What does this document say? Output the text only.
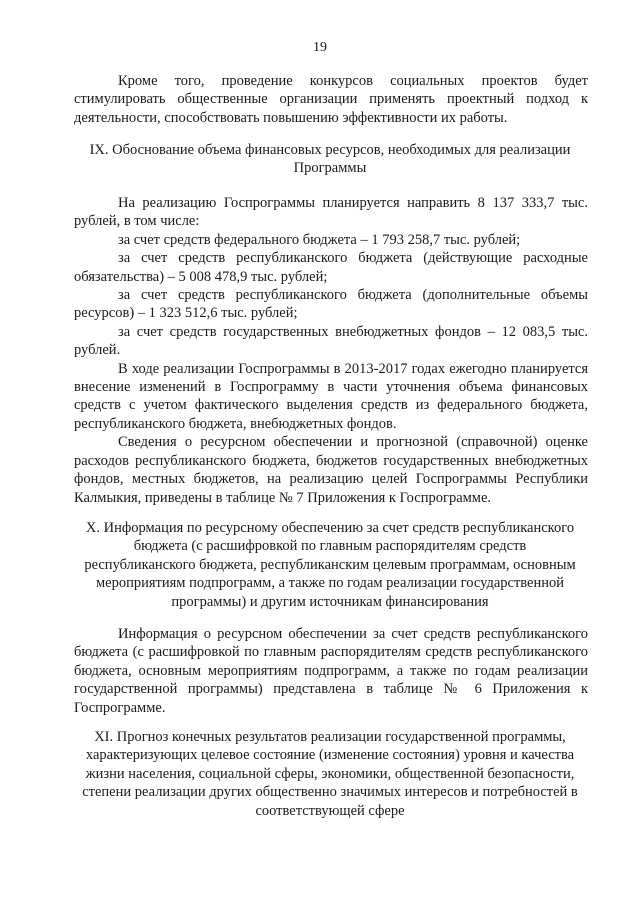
19

Кроме того, проведение конкурсов социальных проектов будет стимулировать общественные организации применять проектный подход к деятельности, способствовать повышению эффективности их работы.

IX. Обоснование объема финансовых ресурсов, необходимых для реализации
Программы

На реализацию Госпрограммы планируется направить 8 137 333,7 тыс. рублей, в том числе:

за счет средств федерального бюджета – 1 793 258,7 тыс. рублей;

за счет средств республиканского бюджета (действующие расходные обязательства) – 5 008 478,9 тыс. рублей;

за счет средств республиканского бюджета (дополнительные объемы ресурсов) – 1 323 512,6 тыс. рублей;

за счет средств государственных внебюджетных фондов – 12 083,5 тыс. рублей.

В ходе реализации Госпрограммы в 2013-2017 годах ежегодно планируется внесение изменений в Госпрограмму в части уточнения объема финансовых средств с учетом фактического выделения средств из федерального бюджета, республиканского бюджета, внебюджетных фондов.

Сведения о ресурсном обеспечении и прогнозной (справочной) оценке расходов республиканского бюджета, бюджетов государственных внебюджетных фондов, местных бюджетов, на реализацию целей Госпрограммы Республики Калмыкия, приведены в таблице № 7 Приложения к Госпрограмме.

X. Информация по ресурсному обеспечению за счет средств республиканского
бюджета (с расшифровкой по главным распорядителям средств
республиканского бюджета, республиканским целевым программам, основным
мероприятиям подпрограмм, а также по годам реализации государственной
программы) и другим источникам финансирования

Информация о ресурсном обеспечении за счет средств республиканского бюджета (с расшифровкой по главным распорядителям средств республиканского бюджета, основным мероприятиям подпрограмм, а также по годам реализации государственной программы) представлена в таблице № 6 Приложения к Госпрограмме.

XI. Прогноз конечных результатов реализации государственной программы,
характеризующих целевое состояние (изменение состояния) уровня и качества
жизни населения, социальной сферы, экономики, общественной безопасности,
степени реализации других общественно значимых интересов и потребностей в
соответствующей сфере
